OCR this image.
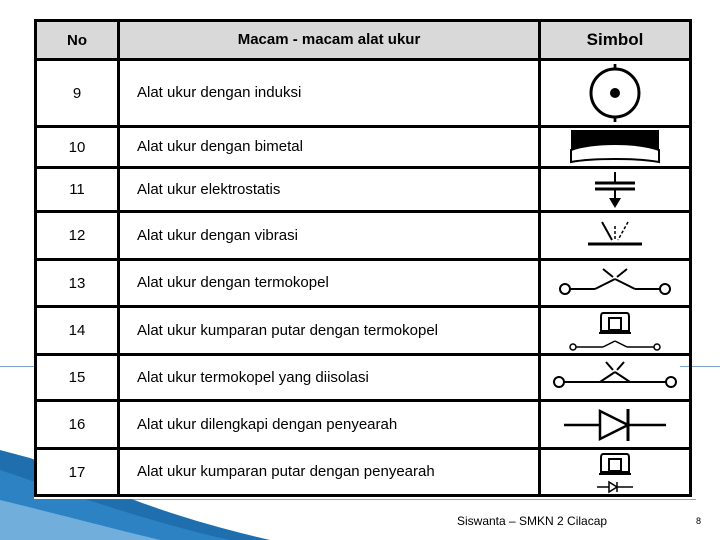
No	Macam - macam alat ukur	Simbol
9	Alat ukur dengan induksi	

10	Alat ukur dengan bimetal	

11	Alat ukur elektrostatis	

12	Alat ukur dengan vibrasi	

13	Alat ukur dengan termokopel	

14	Alat ukur kumparan putar dengan termokopel	

15	Alat ukur termokopel yang diisolasi	

16	Alat ukur dilengkapi dengan penyearah	

17	Alat ukur kumparan putar dengan penyearah	
Siswanta – SMKN 2 Cilacap	8
